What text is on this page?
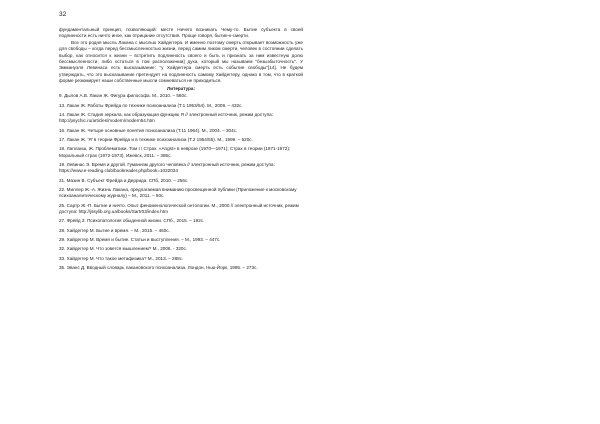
32

фундаментальный принцип, позволяющий: месте Ничего возникать Чему-то. Бытие субъекта в своей подлинности есть ничто иное, как отрицание отсутствия. Проще говоря, бытие-к-смерти.

Все это родня мысль Лакана с мыслью Хайдеггера. И именно поэтому смерть открывает возможность уже для свободы – когда перед бессмысленностью жизни, перед самим ликом смерти, человек в состоянии сделать выбор, как относится к жизни – встретить подлинность своего и быть и признать за ним известную долю бессмысленности, либо остаться в том расположении] духа, который мы называем "безызбыточность". У Эммануэля Левинаса есть высказывание: "у Хайдеггера смерть есть событие свободы"[14]. Не будем утверждать, что это высказывание претендует на подлинность самому Хайдеггеру, однако в том, что в краткой форме резюмирует наши собственные мысли сомневаться не приходиться.

Литература:
9. Дылов А.В. Лакан Ж. Фигура философа. М., 2010. – 560с.
13. Лакан Ж. Работы Фрейда по технике психоанализа (Т.1 1953/54). М., 2009. – 432с.
14. Лакан Ж. Стадия зеркала, как образующая функцию Я // электронный источник, режим доступа: http://psychic.ru/articles/modern/modern54.htm
16. Лакан Ж. Четыре основные понятия психоанализа (Т.11 1964). М., 2004. – 304с.
17. Лакан Ж. 'Я' в теории Фрейда и в технике психоанализа (Т.2 1954/55). М., 1999. – 520с.
18. Лапланш, Ж. Проблематики. Том I / Страх. «Angst» в неврозе (1970—1971); Страх в теории (1971-1972); Моральный страх (1972-1973), Ижевск, 2011. – 386с.
19. Левинас Э. Время и другой. Гуманизм другого человека // электронный источник, режим доступа: https://www.e-reading.club/bookreader.php/book=1022034
21. Мазин В. Субъект Фрейда и Деррида. СПб, 2010. – 256с.
22. Миллер Ж.-А. Жизнь Лакана, предлагаемая вниманию просвещенной публики (Приложение к московскому психоаналитическому журналу) – М., 2011. – 50с.
25. Сартр Ж.-П. Бытие и ничто. Опыт феноменологической онтологии. М., 2000 // электронный источник, режим доступа: http://jssylib.org.ua/books/Sartr03/index.htm
27. Фрейд З. Психопатология обыденной жизни. СПб., 2015. – 192с.
28. Хайдеггер М. Бытие и время. – М., 2015. – 460с.
29. Хайдеггер М. Время и бытие. Статьи и выступления. – М., 1993. – 447с.
32. Хайдеггер М. Что зовется мышлением? М., 2006. - 320с.
33. Хайдеггер М. Что такое метафизика? М., 2013. – 288с.
35. Эванс Д. Вводный словарь лакановского психоанализа. Лондон, Нью-Йорк, 1995. – 273с.
